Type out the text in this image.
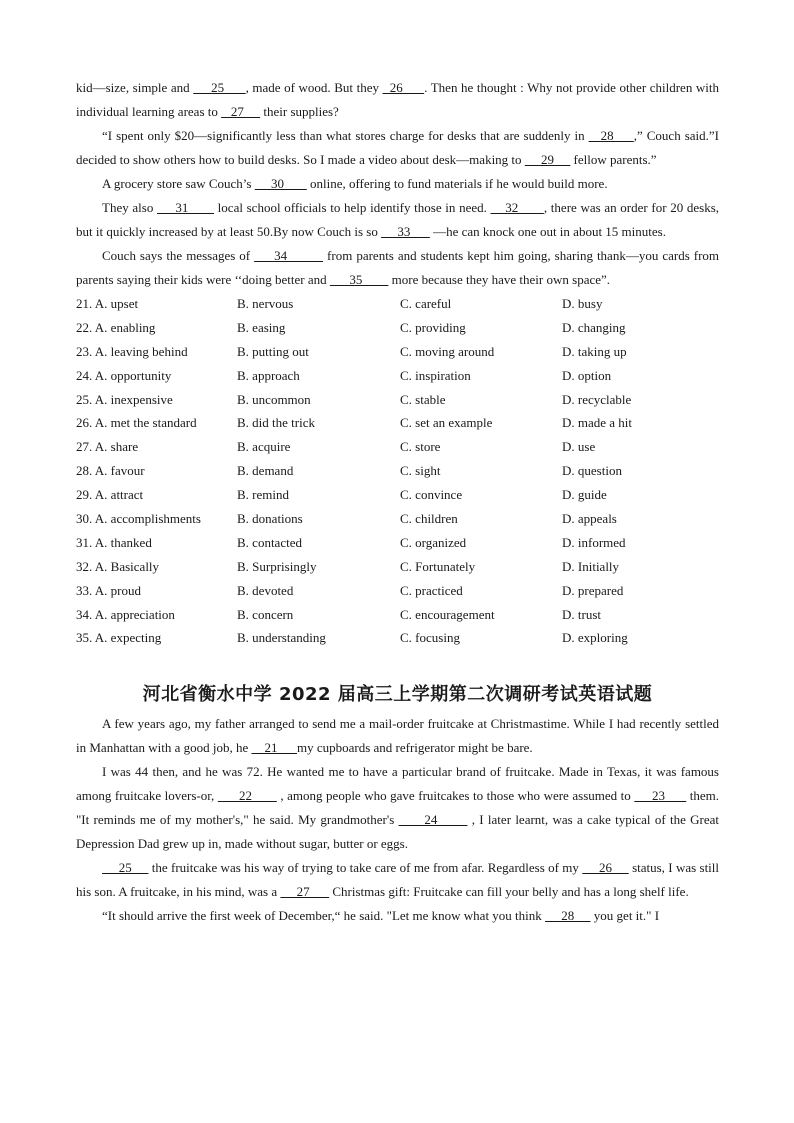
kid—size, simple and      25      , made of wood. But they   26      . Then he thought : Why not provide other children with individual learning areas to    27      their supplies?

“I spent only $20—significantly less than what stores charge for desks that are suddenly in    28     ,” Couch said.”I decided to show others how to build desks. So I made a video about desk—making to      29      fellow parents.”

A grocery store saw Couch’s      30        online, offering to fund materials if he would build more.

They also      31        local school officials to help identify those in need.     32       , there was an order for 20 desks, but it quickly increased by at least 50.By now Couch is so      33       —he can knock one out in about 15 minutes.

Couch says the messages of      34          from parents and students kept him going, sharing thank—you cards from parents saying their kids were ‘‘doing better and       35         more because they have their own space”.

21. A. upset	B. nervous	C. careful	D. busy
22. A. enabling	B. easing	C. providing	D. changing
23. A. leaving behind	B. putting out	C. moving around	D. taking up
24. A. opportunity	B. approach	C. inspiration	D. option
25. A. inexpensive	B. uncommon	C. stable	D. recyclable
26. A. met the standard	B. did the trick	C. set an example	D. made a hit
27. A. share	B. acquire	C. store	D. use
28. A. favour	B. demand	C. sight	D. question
29. A. attract	B. remind	C. convince	D. guide
30. A. accomplishments	B. donations	C. children	D. appeals
31. A. thanked	B. contacted	C. organized	D. informed
32. A. Basically	B. Surprisingly	C. Fortunately	D. Initially
33. A. proud	B. devoted	C. practiced	D. prepared
34. A. appreciation	B. concern	C. encouragement	D. trust
35. A. expecting	B. understanding	C. focusing	D. exploring
河北省衡水中学 2022 届高三上学期第二次调研考试英语试题

A few years ago, my father arranged to send me a mail-order fruitcake at Christmastime. While I had recently settled in Manhattan with a good job, he     21      my cupboards and refrigerator might be bare.

I was 44 then, and he was 72. He wanted me to have a particular brand of fruitcake. Made in Texas, it was famous among fruitcake lovers-or,       22        , among people who gave fruitcakes to those who were assumed to      23       them. "It reminds me of my mother's," he said. My grandmother's       24        , I later learnt, was a cake typical of the Great Depression Dad grew up in, made without sugar, butter or eggs.

25      the fruitcake was his way of trying to take care of me from afar. Regardless of my      26      status, I was still his son. A fruitcake, in his mind, was a      27       Christmas gift: Fruitcake can fill your belly and has a long shelf life.

“It should arrive the first week of December,“ he said. "Let me know what you think      28      you get it." I
